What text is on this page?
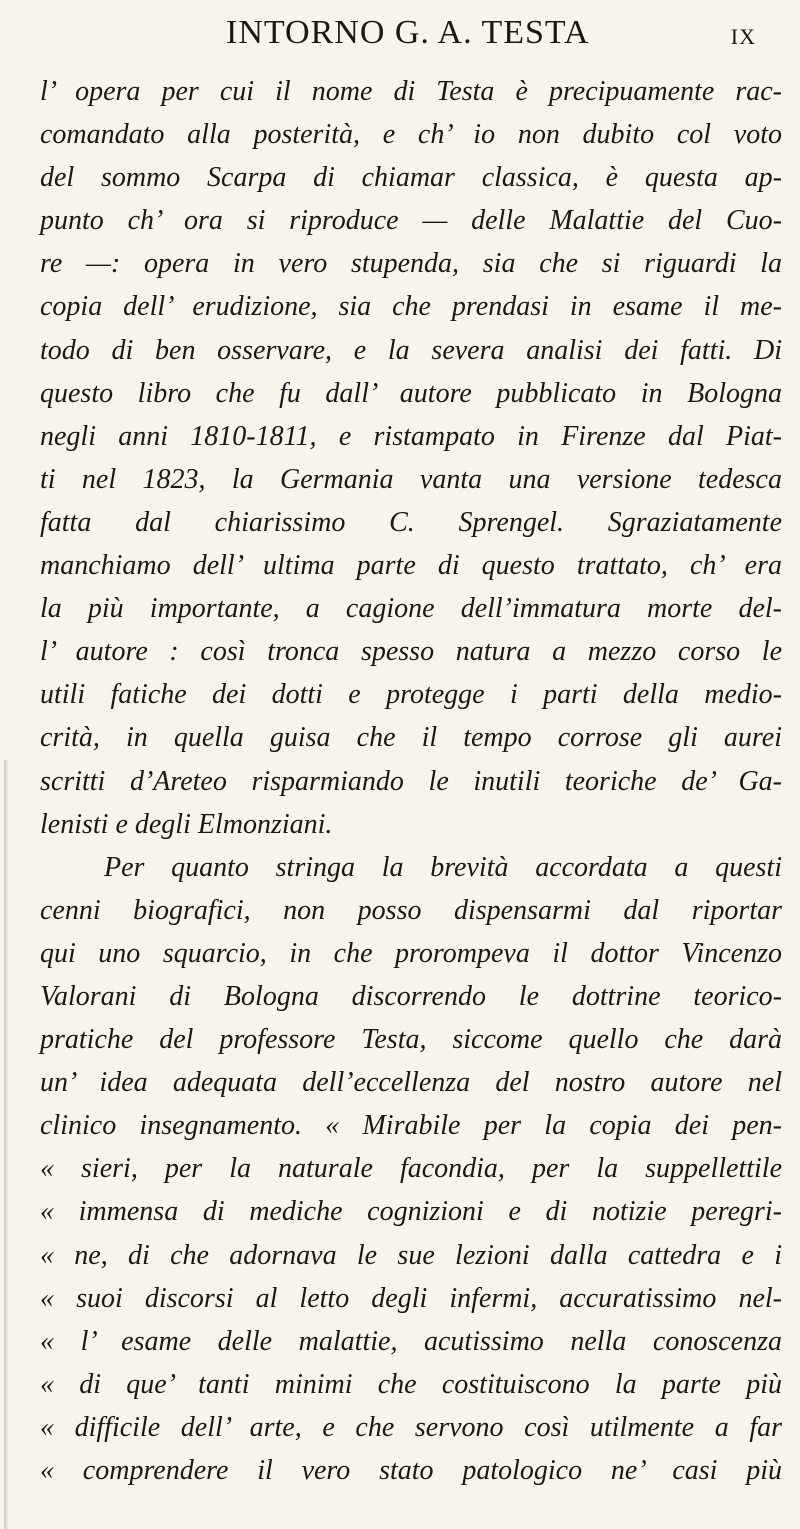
INTORNO G. A. TESTA	IX
l’ opera per cui il nome di Testa è precipuamente rac-
comandato alla posterità, e ch’ io non dubito col voto
del sommo Scarpa di chiamar classica, è questa ap-
punto ch’ ora si riproduce — delle Malattie del Cuo-
re —: opera in vero stupenda, sia che si riguardi la
copia dell’ erudizione, sia che prendasi in esame il me-
todo di ben osservare, e la severa analisi dei fatti. Di
questo libro che fu dall’ autore pubblicato in Bologna
negli anni 1810-1811, e ristampato in Firenze dal Piat-
ti nel 1823, la Germania vanta una versione tedesca
fatta dal chiarissimo C. Sprengel. Sgraziatamente
manchiamo dell’ ultima parte di questo trattato, ch’ era
la più importante, a cagione dell’immatura morte del-
l’ autore : così tronca spesso natura a mezzo corso le
utili fatiche dei dotti e protegge i parti della medio-
crità, in quella guisa che il tempo corrose gli aurei
scritti d’Areteo risparmiando le inutili teoriche de’ Ga-
lenisti e degli Elmonziani.
Per quanto stringa la brevità accordata a questi
cenni biografici, non posso dispensarmi dal riportar
qui uno squarcio, in che prorompeva il dottor Vincenzo
Valorani di Bologna discorrendo le dottrine teorico-
pratiche del professore Testa, siccome quello che darà
un’ idea adequata dell’eccellenza del nostro autore nel
clinico insegnamento. « Mirabile per la copia dei pen-
« sieri, per la naturale facondia, per la suppellettile
« immensa di mediche cognizioni e di notizie peregri-
« ne, di che adornava le sue lezioni dalla cattedra e i
« suoi discorsi al letto degli infermi, accuratissimo nel-
« l’ esame delle malattie, acutissimo nella conoscenza
« di que’ tanti minimi che costituiscono la parte più
« difficile dell’ arte, e che servono così utilmente a far
« comprendere il vero stato patologico ne’ casi più
